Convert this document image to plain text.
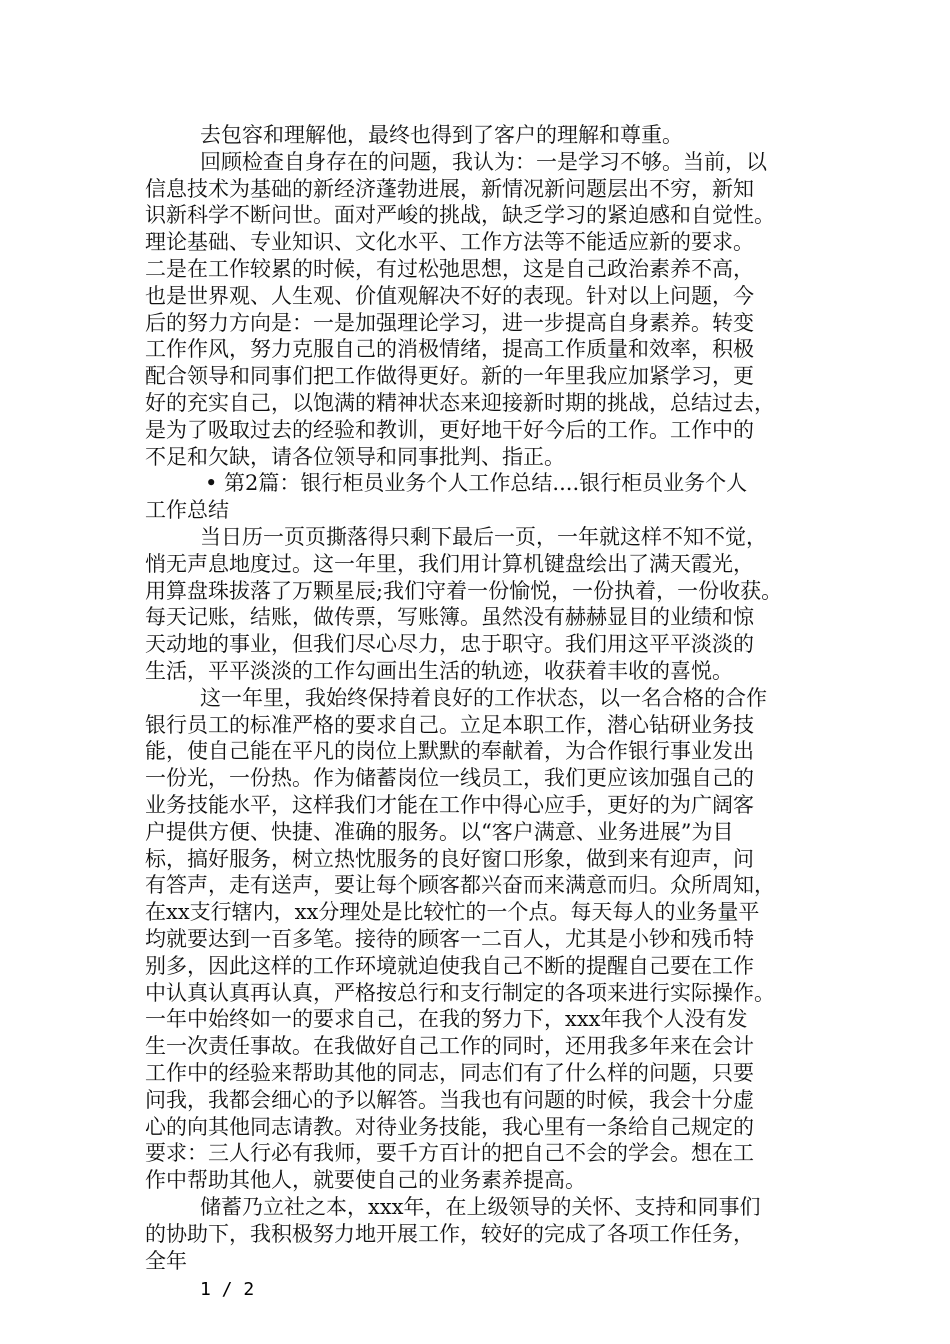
去包容和理解他，最终也得到了客户的理解和尊重。
回顾检查自身存在的问题，我认为：一是学习不够。当前，以
信息技术为基础的新经济蓬勃进展，新情况新问题层出不穷，新知
识新科学不断问世。面对严峻的挑战，缺乏学习的紧迫感和自觉性。
理论基础、专业知识、文化水平、工作方法等不能适应新的要求。
二是在工作较累的时候，有过松弛思想，这是自己政治素养不高，
也是世界观、人生观、价值观解决不好的表现。针对以上问题，今
后的努力方向是：一是加强理论学习，进一步提高自身素养。转变
工作作风，努力克服自己的消极情绪，提高工作质量和效率，积极
配合领导和同事们把工作做得更好。新的一年里我应加紧学习，更
好的充实自己，以饱满的精神状态来迎接新时期的挑战，总结过去，
是为了吸取过去的经验和教训，更好地干好今后的工作。工作中的
不足和欠缺，请各位领导和同事批判、指正。
• 第2篇：银行柜员业务个人工作总结....银行柜员业务个人
工作总结
当日历一页页撕落得只剩下最后一页，一年就这样不知不觉，
悄无声息地度过。这一年里，我们用计算机键盘绘出了满天霞光，
用算盘珠拔落了万颗星辰;我们守着一份愉悦，一份执着，一份收获。
每天记账，结账，做传票，写账簿。虽然没有赫赫显目的业绩和惊
天动地的事业，但我们尽心尽力，忠于职守。我们用这平平淡淡的
生活，平平淡淡的工作勾画出生活的轨迹，收获着丰收的喜悦。
这一年里，我始终保持着良好的工作状态，以一名合格的合作
银行员工的标准严格的要求自己。立足本职工作，潜心钻研业务技
能，使自己能在平凡的岗位上默默的奉献着，为合作银行事业发出
一份光，一份热。作为储蓄岗位一线员工，我们更应该加强自己的
业务技能水平，这样我们才能在工作中得心应手，更好的为广阔客
户提供方便、快捷、准确的服务。以“客户满意、业务进展”为目
标，搞好服务，树立热忱服务的良好窗口形象，做到来有迎声，问
有答声，走有送声，要让每个顾客都兴奋而来满意而归。众所周知，
在xx支行辖内，xx分理处是比较忙的一个点。每天每人的业务量平
均就要达到一百多笔。接待的顾客一二百人，尤其是小钞和残币特
别多，因此这样的工作环境就迫使我自己不断的提醒自己要在工作
中认真认真再认真，严格按总行和支行制定的各项来进行实际操作。
一年中始终如一的要求自己，在我的努力下，xxx年我个人没有发
生一次责任事故。在我做好自己工作的同时，还用我多年来在会计
工作中的经验来帮助其他的同志，同志们有了什么样的问题，只要
问我，我都会细心的予以解答。当我也有问题的时候，我会十分虚
心的向其他同志请教。对待业务技能，我心里有一条给自己规定的
要求：三人行必有我师，要千方百计的把自己不会的学会。想在工
作中帮助其他人，就要使自己的业务素养提高。
储蓄乃立社之本，xxx年，在上级领导的关怀、支持和同事们
的协助下，我积极努力地开展工作，较好的完成了各项工作任务，
全年
1 / 2
